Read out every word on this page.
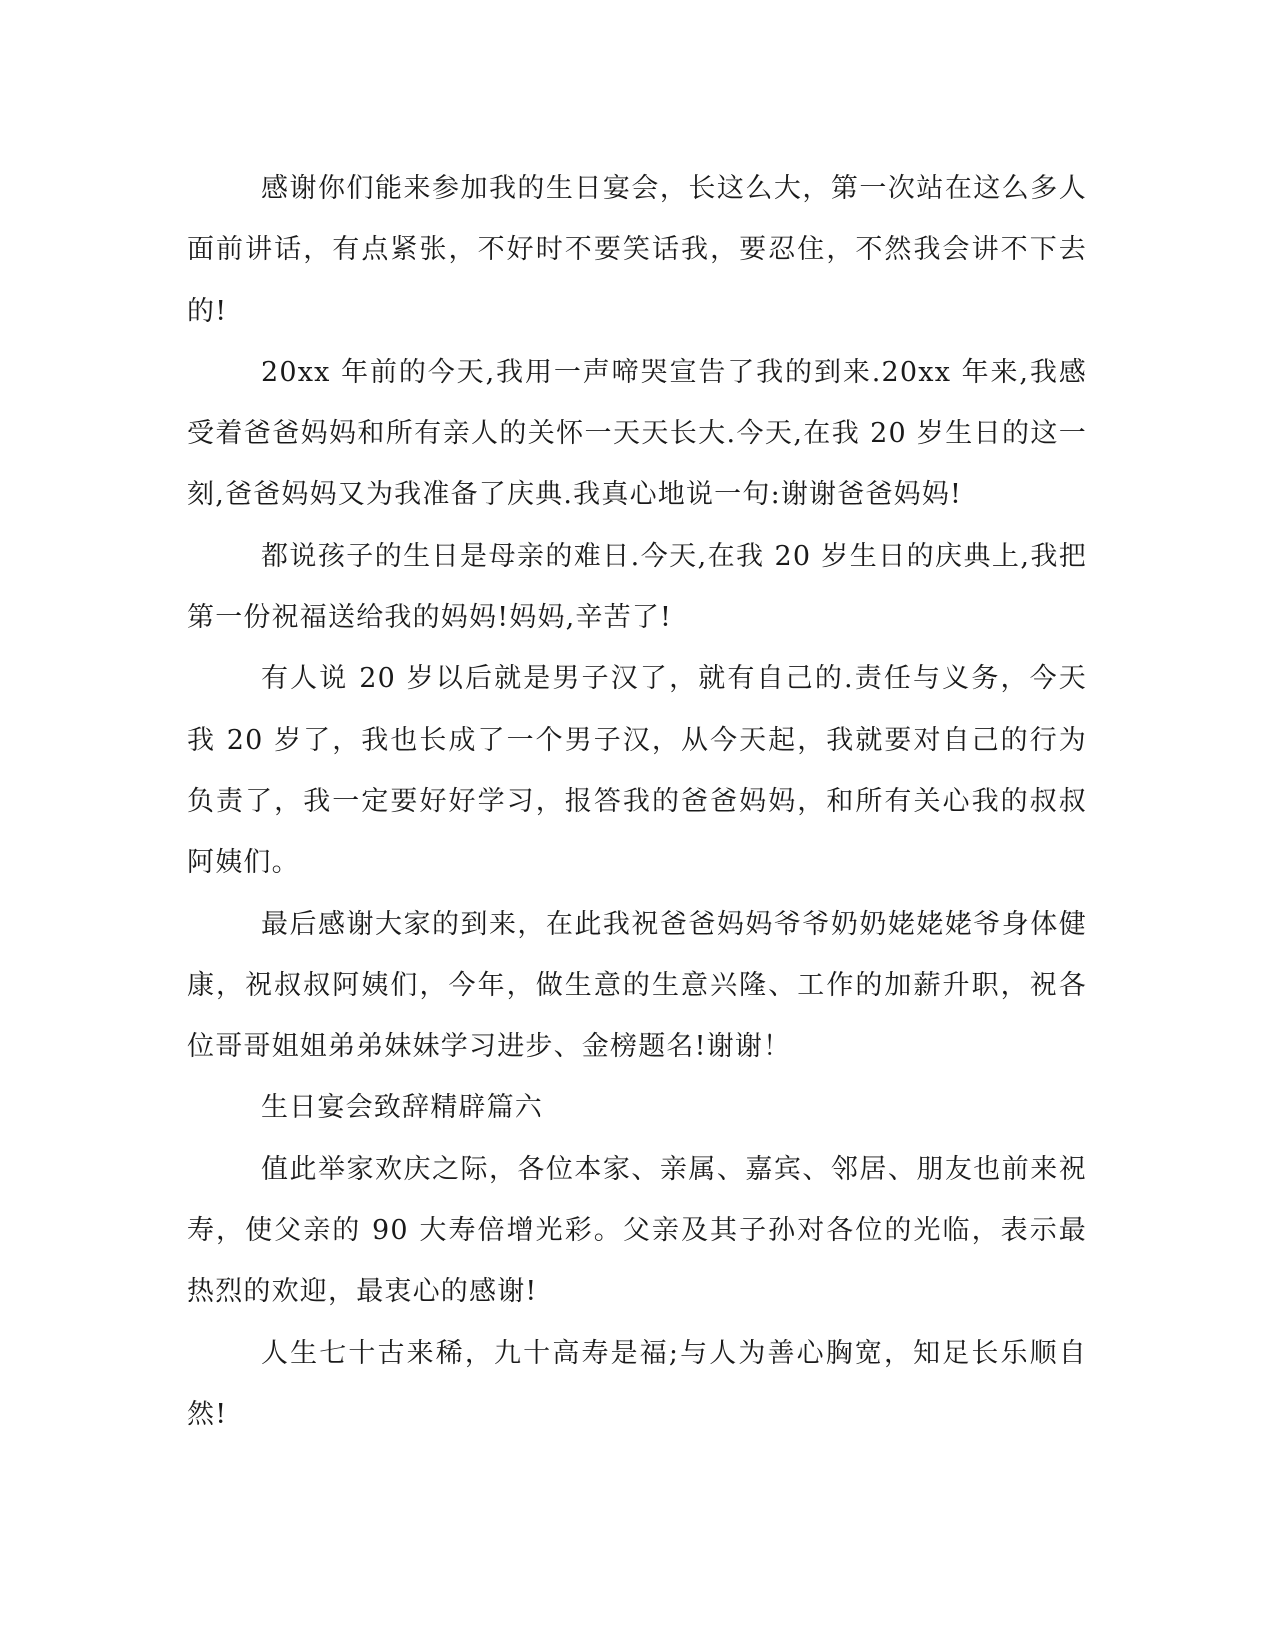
感谢你们能来参加我的生日宴会，长这么大，第一次站在这么多人面前讲话，有点紧张，不好时不要笑话我，要忍住，不然我会讲不下去的!

20xx 年前的今天,我用一声啼哭宣告了我的到来.20xx 年来,我感受着爸爸妈妈和所有亲人的关怀一天天长大.今天,在我 20 岁生日的这一刻,爸爸妈妈又为我准备了庆典.我真心地说一句:谢谢爸爸妈妈!

都说孩子的生日是母亲的难日.今天,在我 20 岁生日的庆典上,我把第一份祝福送给我的妈妈!妈妈,辛苦了!

有人说 20 岁以后就是男子汉了，就有自己的.责任与义务，今天我 20 岁了，我也长成了一个男子汉，从今天起，我就要对自己的行为负责了，我一定要好好学习，报答我的爸爸妈妈，和所有关心我的叔叔阿姨们。

最后感谢大家的到来，在此我祝爸爸妈妈爷爷奶奶姥姥姥爷身体健康，祝叔叔阿姨们，今年，做生意的生意兴隆、工作的加薪升职，祝各位哥哥姐姐弟弟妹妹学习进步、金榜题名!谢谢！

生日宴会致辞精辟篇六

值此举家欢庆之际，各位本家、亲属、嘉宾、邻居、朋友也前来祝寿，使父亲的 90 大寿倍增光彩。父亲及其子孙对各位的光临，表示最热烈的欢迎，最衷心的感谢!

人生七十古来稀，九十高寿是福;与人为善心胸宽，知足长乐顺自然!
